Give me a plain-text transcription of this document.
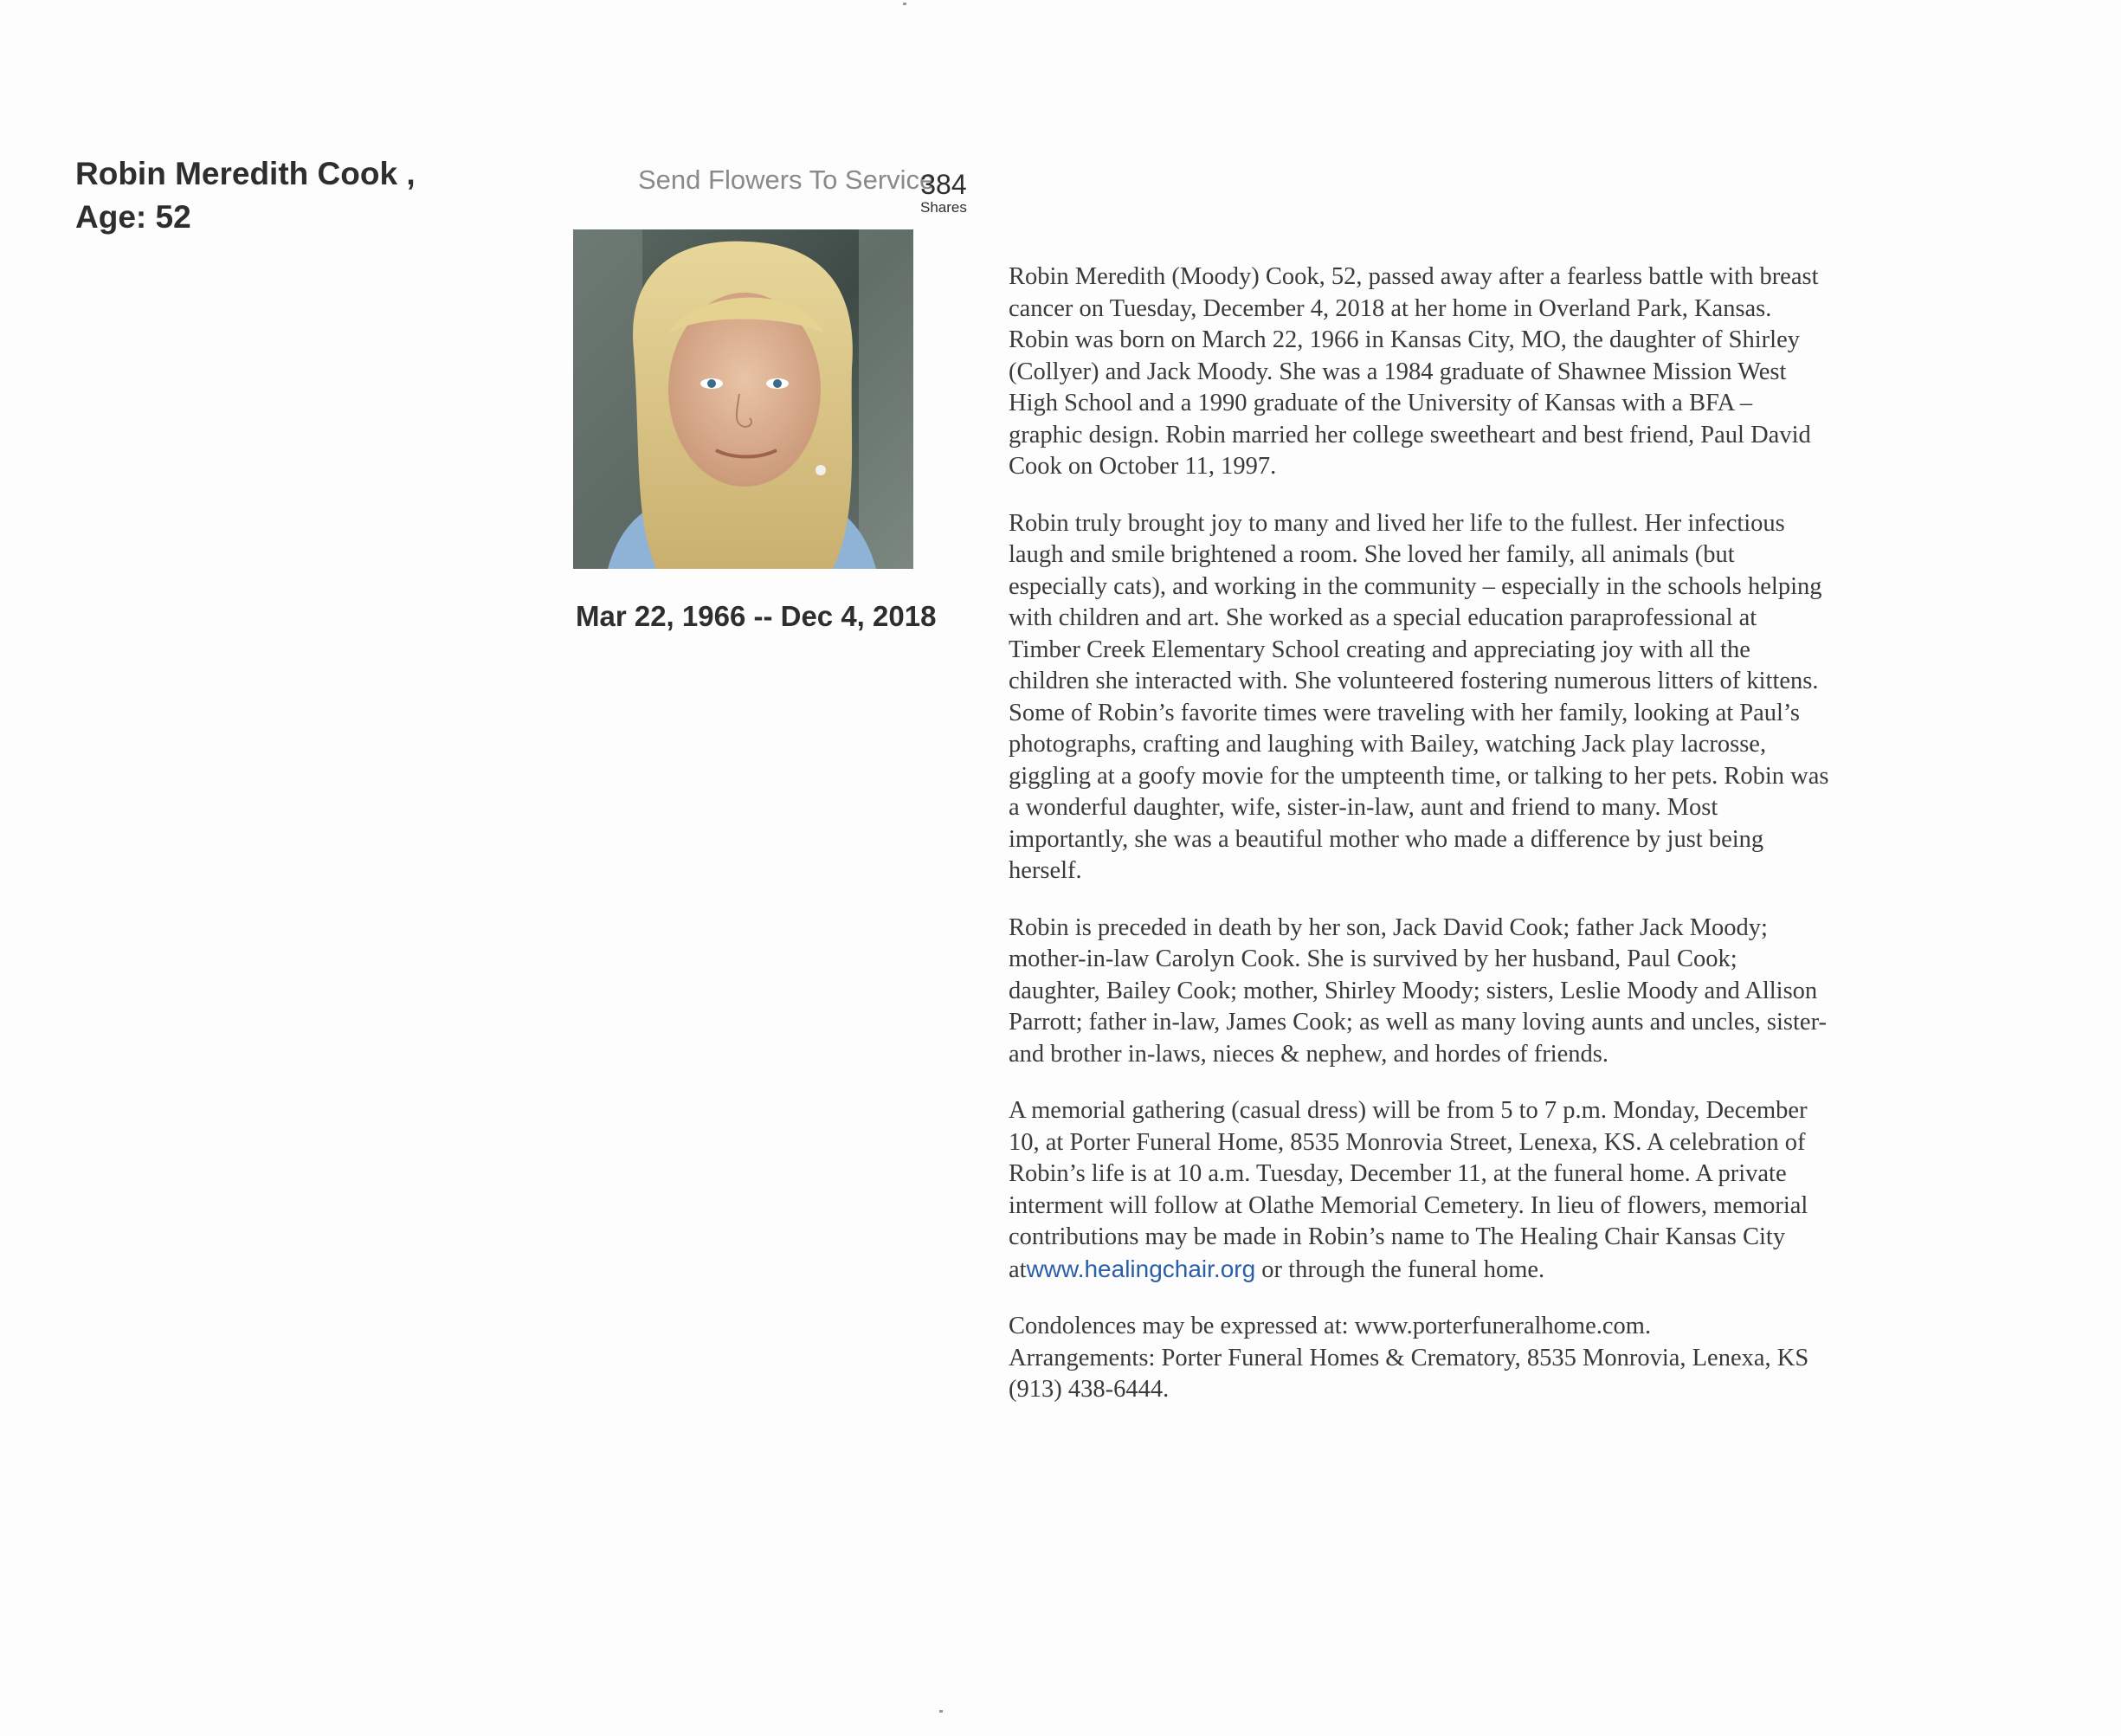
Robin Meredith Cook ,
Age: 52
Send Flowers To Service
384
Shares
Mar 22, 1966 -- Dec 4, 2018

Robin Meredith (Moody) Cook, 52, passed away after a fearless battle with breast cancer on Tuesday, December 4, 2018 at her home in Overland Park, Kansas. Robin was born on March 22, 1966 in Kansas City, MO, the daughter of Shirley (Collyer) and Jack Moody. She was a 1984 graduate of Shawnee Mission West High School and a 1990 graduate of the University of Kansas with a BFA – graphic design. Robin married her college sweetheart and best friend, Paul David Cook on October 11, 1997.

Robin truly brought joy to many and lived her life to the fullest. Her infectious laugh and smile brightened a room. She loved her family, all animals (but especially cats), and working in the community – especially in the schools helping with children and art. She worked as a special education paraprofessional at Timber Creek Elementary School creating and appreciating joy with all the children she interacted with. She volunteered fostering numerous litters of kittens. Some of Robin’s favorite times were traveling with her family, looking at Paul’s photographs, crafting and laughing with Bailey, watching Jack play lacrosse, giggling at a goofy movie for the umpteenth time, or talking to her pets. Robin was a wonderful daughter, wife, sister-in-law, aunt and friend to many. Most importantly, she was a beautiful mother who made a difference by just being herself.

Robin is preceded in death by her son, Jack David Cook; father Jack Moody; mother-in-law Carolyn Cook. She is survived by her husband, Paul Cook; daughter, Bailey Cook; mother, Shirley Moody; sisters, Leslie Moody and Allison Parrott; father in-law, James Cook; as well as many loving aunts and uncles, sister- and brother in-laws, nieces & nephew, and hordes of friends.

A memorial gathering (casual dress) will be from 5 to 7 p.m. Monday, December 10, at Porter Funeral Home, 8535 Monrovia Street, Lenexa, KS. A celebration of Robin’s life is at 10 a.m. Tuesday, December 11, at the funeral home. A private interment will follow at Olathe Memorial Cemetery. In lieu of flowers, memorial contributions may be made in Robin’s name to The Healing Chair Kansas City atwww.healingchair.org or through the funeral home.

Condolences may be expressed at: www.porterfuneralhome.com.
Arrangements: Porter Funeral Homes & Crematory, 8535 Monrovia, Lenexa, KS (913) 438-6444.
